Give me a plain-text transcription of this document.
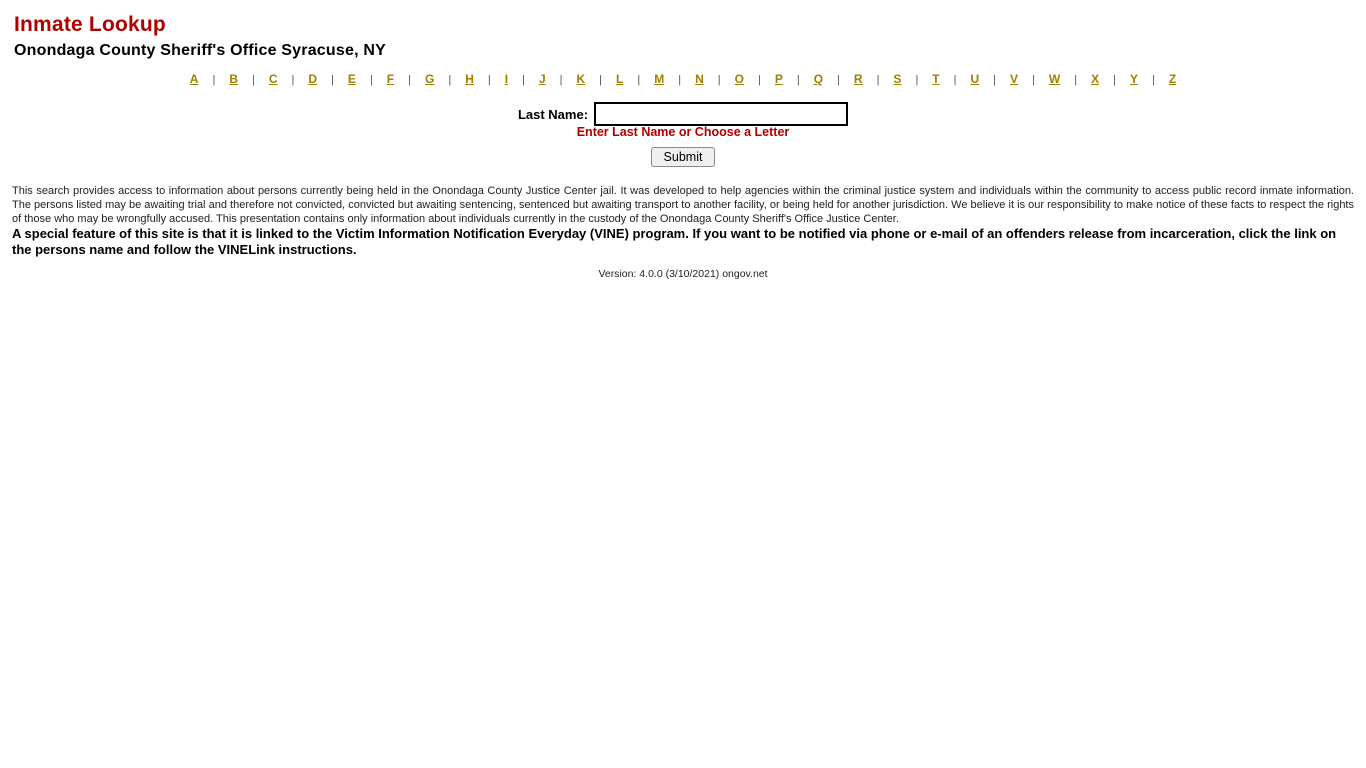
Inmate Lookup
Onondaga County Sheriff's Office Syracuse, NY
A | B | C | D | E | F | G | H | I | J | K | L | M | N | O | P | Q | R | S | T | U | V | W | X | Y | Z
Last Name:
Enter Last Name or Choose a Letter
Submit
This search provides access to information about persons currently being held in the Onondaga County Justice Center jail. It was developed to help agencies within the criminal justice system and individuals within the community to access public record inmate information. The persons listed may be awaiting trial and therefore not convicted, convicted but awaiting sentencing, sentenced but awaiting transport to another facility, or being held for another jurisdiction. We believe it is our responsibility to make notice of these facts to respect the rights of those who may be wrongfully accused. This presentation contains only information about individuals currently in the custody of the Onondaga County Sheriff's Office Justice Center.
A special feature of this site is that it is linked to the Victim Information Notification Everyday (VINE) program. If you want to be notified via phone or e-mail of an offenders release from incarceration, click the link on the persons name and follow the VINELink instructions.
Version: 4.0.0 (3/10/2021) ongov.net
